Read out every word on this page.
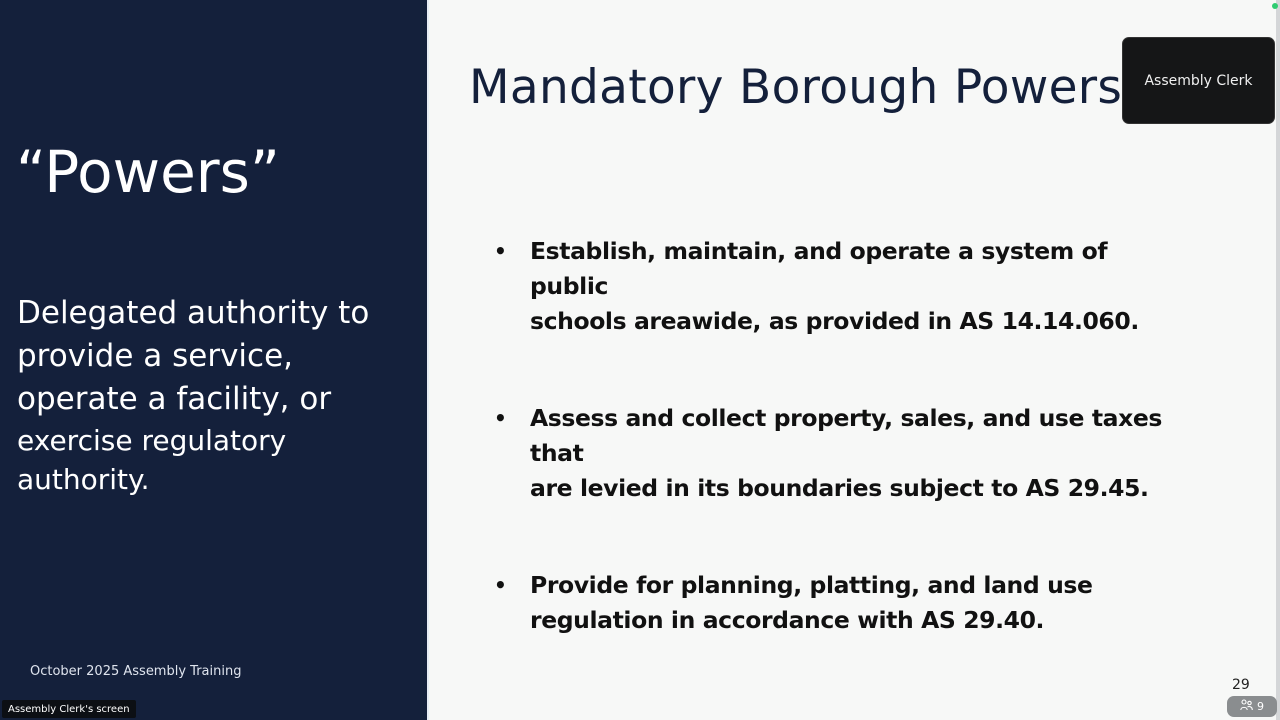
“Powers”
Delegated authority to
provide a service,
operate a facility, or

exercise regulatory
authority.
October 2025 Assembly Training
Mandatory Borough Powers
• Establish, maintain, and operate a system of public
schools areawide, as provided in AS 14.14.060.
• Assess and collect property, sales, and use taxes that
are levied in its boundaries subject to AS 29.45.
• Provide for planning, platting, and land use
regulation in accordance with AS 29.40.
29
Assembly Clerk
Assembly Clerk's screen	9
